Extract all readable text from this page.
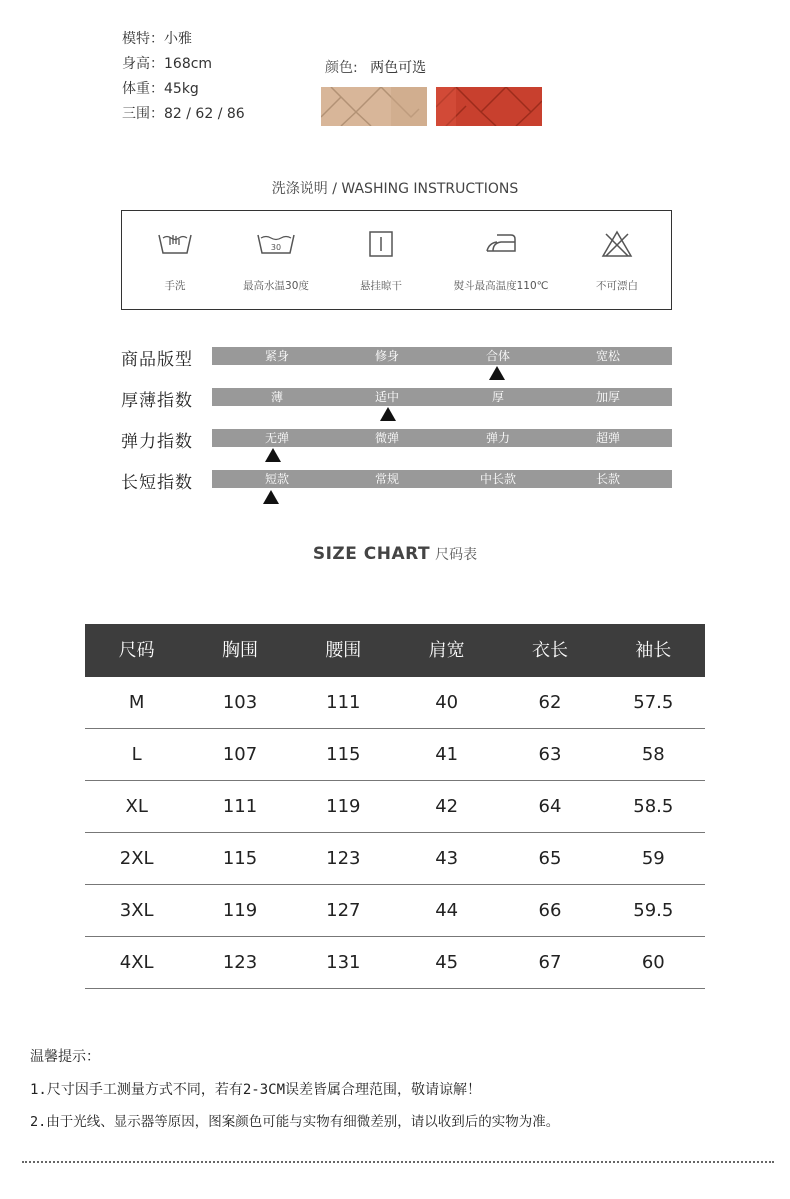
模特：小雅
身高：168cm
体重：45kg
三围：82 / 62 / 86
颜色: 两色可选
洗涤说明 / WASHING INSTRUCTIONS
手洗
30
最高水温30度	悬挂晾干	熨斗最高温度110℃	不可漂白
商品版型	紧身	修身	合体	宽松
厚薄指数	薄	适中	厚	加厚
弹力指数	无弹	微弹	弹力	超弹
长短指数	短款	常规	中长款	长款
SIZE CHART 尺码表
尺码	胸围	腰围	肩宽	衣长	袖长
M	103	111	40	62	57.5
L	107	115	41	63	58
XL	111	119	42	64	58.5
2XL	115	123	43	65	59
3XL	119	127	44	66	59.5
4XL	123	131	45	67	60
温馨提示：
1.尺寸因手工测量方式不同，若有2-3CM误差皆属合理范围，敬请谅解！
2.由于光线、显示器等原因，图案颜色可能与实物有细微差别，请以收到后的实物为准。
